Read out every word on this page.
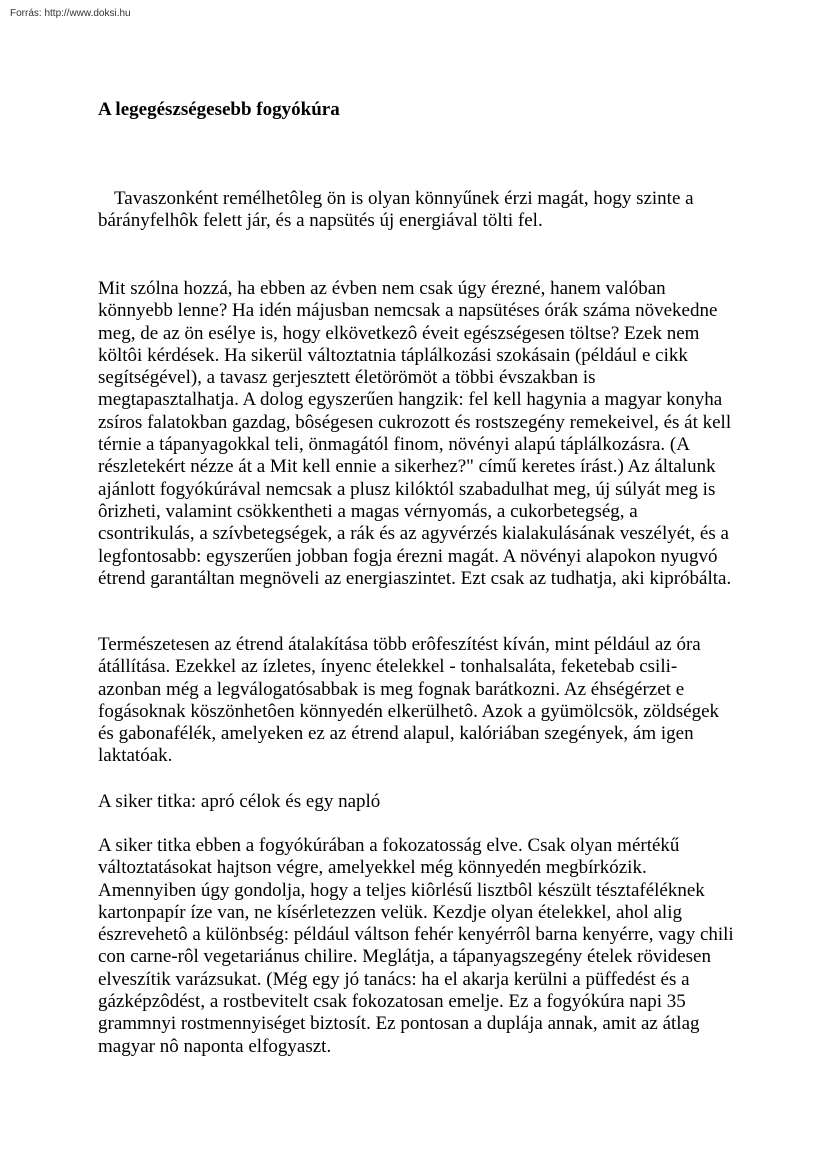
Forrás: http://www.doksi.hu
A legegészségesebb fogyókúra

Tavaszonként remélhetôleg ön is olyan könnyűnek érzi magát, hogy szinte a bárányfelhôk felett jár, és a napsütés új energiával tölti fel.

Mit szólna hozzá, ha ebben az évben nem csak úgy érezné, hanem valóban könnyebb lenne? Ha idén májusban nemcsak a napsütéses órák száma növekedne meg, de az ön esélye is, hogy elkövetkezô éveit egészségesen töltse? Ezek nem költôi kérdések. Ha sikerül változtatnia táplálkozási szokásain (például e cikk segítségével), a tavasz gerjesztett életörömöt a többi évszakban is megtapasztalhatja. A dolog egyszerűen hangzik: fel kell hagynia a magyar konyha zsíros falatokban gazdag, bôségesen cukrozott és rostszegény remekeivel, és át kell térnie a tápanyagokkal teli, önmagától finom, növényi alapú táplálkozásra. (A részletekért nézze át a Mit kell ennie a sikerhez?" című keretes írást.) Az általunk ajánlott fogyókúrával nemcsak a plusz kilóktól szabadulhat meg, új súlyát meg is ôrizheti, valamint csökkentheti a magas vérnyomás, a cukorbetegség, a csontrikulás, a szívbetegségek, a rák és az agyvérzés kialakulásának veszélyét, és a legfontosabb: egyszerűen jobban fogja érezni magát. A növényi alapokon nyugvó étrend garantáltan megnöveli az energiaszintet. Ezt csak az tudhatja, aki kipróbálta.

Természetesen az étrend átalakítása több erôfeszítést kíván, mint például az óra átállítása. Ezekkel az ízletes, ínyenc ételekkel - tonhalsaláta, feketebab csili- azonban még a legválogatósabbak is meg fognak barátkozni. Az éhségérzet e fogásoknak köszönhetôen könnyedén elkerülhetô. Azok a gyümölcsök, zöldségek és gabonafélék, amelyeken ez az étrend alapul, kalóriában szegények, ám igen laktatóak.

A siker titka: apró célok és egy napló

A siker titka ebben a fogyókúrában a fokozatosság elve. Csak olyan mértékű változtatásokat hajtson végre, amelyekkel még könnyedén megbírkózik. Amennyiben úgy gondolja, hogy a teljes kiôrlésű lisztbôl készült tésztaféléknek kartonpapír íze van, ne kísérletezzen velük. Kezdje olyan ételekkel, ahol alig észrevehetô a különbség: például váltson fehér kenyérrôl barna kenyérre, vagy chili con carne-rôl vegetariánus chilire. Meglátja, a tápanyagszegény ételek rövidesen elveszítik varázsukat. (Még egy jó tanács: ha el akarja kerülni a püffedést és a gázképzôdést, a rostbevitelt csak fokozatosan emelje. Ez a fogyókúra napi 35 grammnyi rostmennyiséget biztosít. Ez pontosan a duplája annak, amit az átlag magyar nô naponta elfogyaszt.
